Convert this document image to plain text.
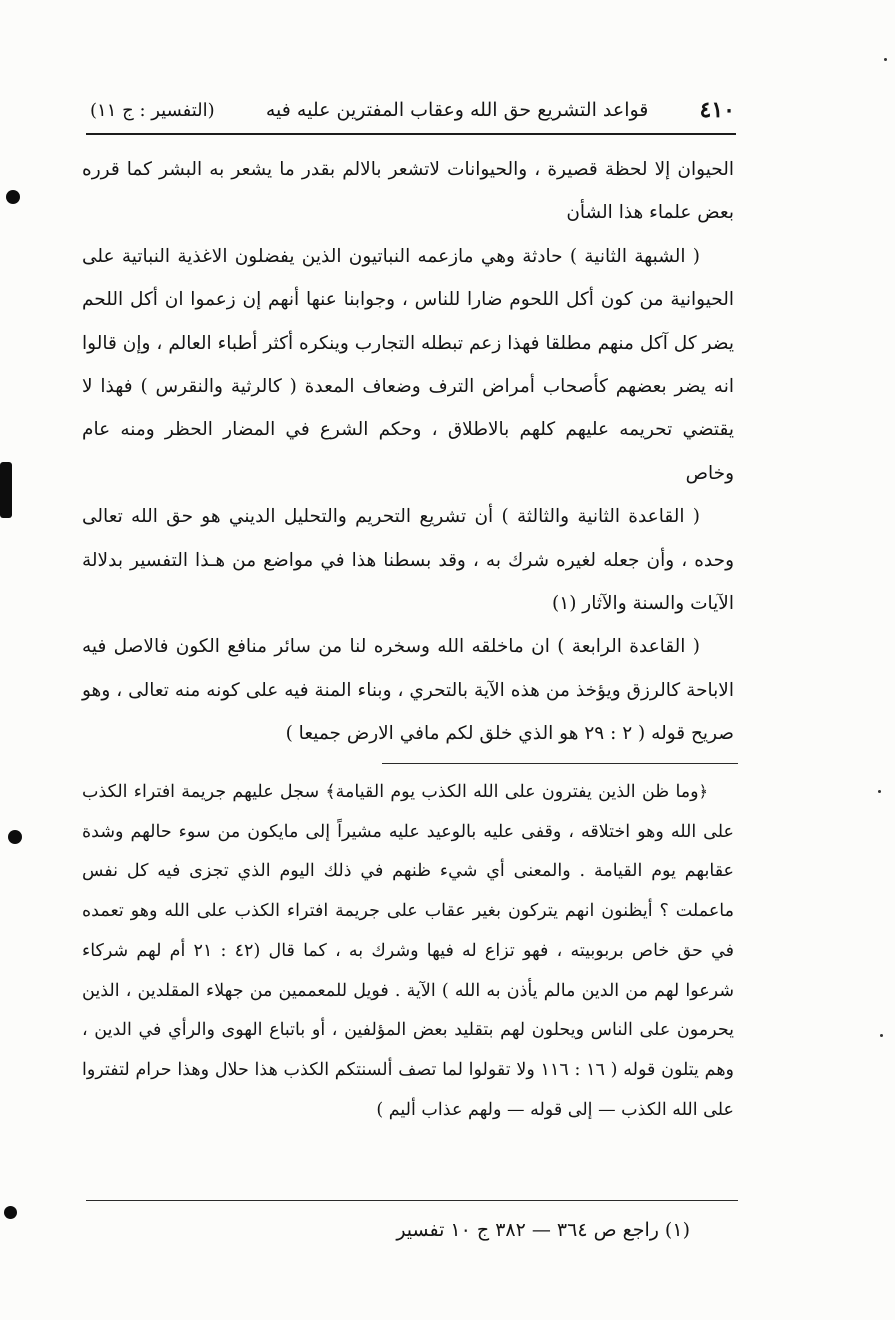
٤١٠
قواعد التشريع حق الله وعقاب المفترين عليه فيه
(التفسير : ج ١١)

الحيوان إلا لحظة قصيرة ، والحيوانات لاتشعر بالالم بقدر ما يشعر به البشر كما قرره بعض علماء هذا الشأن

( الشبهة الثانية ) حادثة وهي مازعمه النباتيون الذين يفضلون الاغذية النباتية على الحيوانية من كون أكل اللحوم ضارا للناس ، وجوابنا عنها أنهم إن زعموا ان أكل اللحم يضر كل آكل منهم مطلقا فهذا زعم تبطله التجارب وينكره أكثر أطباء العالم ، وإن قالوا انه يضر بعضهم كأصحاب أمراض الترف وضعاف المعدة ( كالرثية والنقرس ) فهذا لا يقتضي تحريمه عليهم كلهم بالاطلاق ، وحكم الشرع في المضار الحظر ومنه عام وخاص

( القاعدة الثانية والثالثة ) أن تشريع التحريم والتحليل الديني هو حق الله تعالى وحده ، وأن جعله لغيره شرك به ، وقد بسطنا هذا في مواضع من هـذا التفسير بدلالة الآيات والسنة والآثار (١)

( القاعدة الرابعة ) ان ماخلقه الله وسخره لنا من سائر منافع الكون فالاصل فيه الاباحة كالرزق ويؤخذ من هذه الآية بالتحري ، وبناء المنة فيه على كونه منه تعالى ، وهو صريح قوله ( ٢ : ٢٩ هو الذي خلق لكم مافي الارض جميعا )

﴿وما ظن الذين يفترون على الله الكذب يوم القيامة﴾ سجل عليهم جريمة افتراء الكذب على الله وهو اختلاقه ، وقفى عليه بالوعيد عليه مشيراً إلى مايكون من سوء حالهم وشدة عقابهم يوم القيامة . والمعنى أي شيء ظنهم في ذلك اليوم الذي تجزى فيه كل نفس ماعملت ؟ أيظنون انهم يتركون بغير عقاب على جريمة افتراء الكذب على الله وهو تعمده في حق خاص بربوبيته ، فهو تزاع له فيها وشرك به ، كما قال (٤٢ : ٢١ أم لهم شركاء شرعوا لهم من الدين مالم يأذن به الله ) الآية . فويل للمعممين من جهلاء المقلدين ، الذين يحرمون على الناس ويحلون لهم بتقليد بعض المؤلفين ، أو باتباع الهوى والرأي في الدين ، وهم يتلون قوله ( ١٦ : ١١٦ ولا تقولوا لما تصف ألسنتكم الكذب هذا حلال وهذا حرام لتفتروا على الله الكذب — إلى قوله — ولهم عذاب أليم )

(١) راجع ص ٣٦٤ — ٣٨٢ ج ١٠ تفسير
